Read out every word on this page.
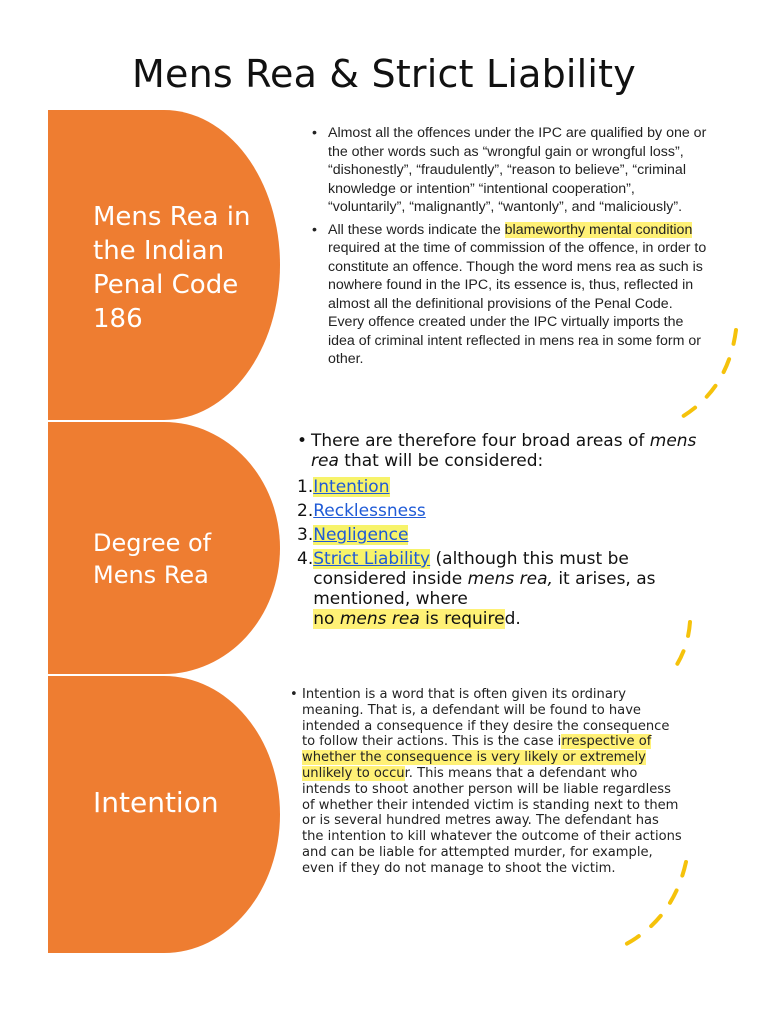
Mens Rea & Strict Liability
Mens Rea in the Indian Penal Code 186
• Almost all the offences under the IPC are qualified by one or the other words such as “wrongful gain or wrongful loss”, “dishonestly”, “fraudulently”, “reason to believe”, “criminal knowledge or intention” “intentional cooperation”, “voluntarily”, “malignantly”, “wantonly”, and “maliciously”.
• All these words indicate the blameworthy mental condition required at the time of commission of the offence, in order to constitute an offence. Though the word mens rea as such is nowhere found in the IPC, its essence is, thus, reflected in almost all the definitional provisions of the Penal Code. Every offence created under the IPC virtually imports the idea of criminal intent reflected in mens rea in some form or other.
Degree of Mens Rea
• There are therefore four broad areas of mens rea that will be considered:
1. Intention
2. Recklessness
3. Negligence
4. Strict Liability (although this must be considered inside mens rea, it arises, as mentioned, where
no mens rea is required.
Intention
• Intention is a word that is often given its ordinary meaning. That is, a defendant will be found to have intended a consequence if they desire the consequence to follow their actions. This is the case irrespective of whether the consequence is very likely or extremely unlikely to occur. This means that a defendant who intends to shoot another person will be liable regardless of whether their intended victim is standing next to them or is several hundred metres away. The defendant has the intention to kill whatever the outcome of their actions and can be liable for attempted murder, for example, even if they do not manage to shoot the victim.
